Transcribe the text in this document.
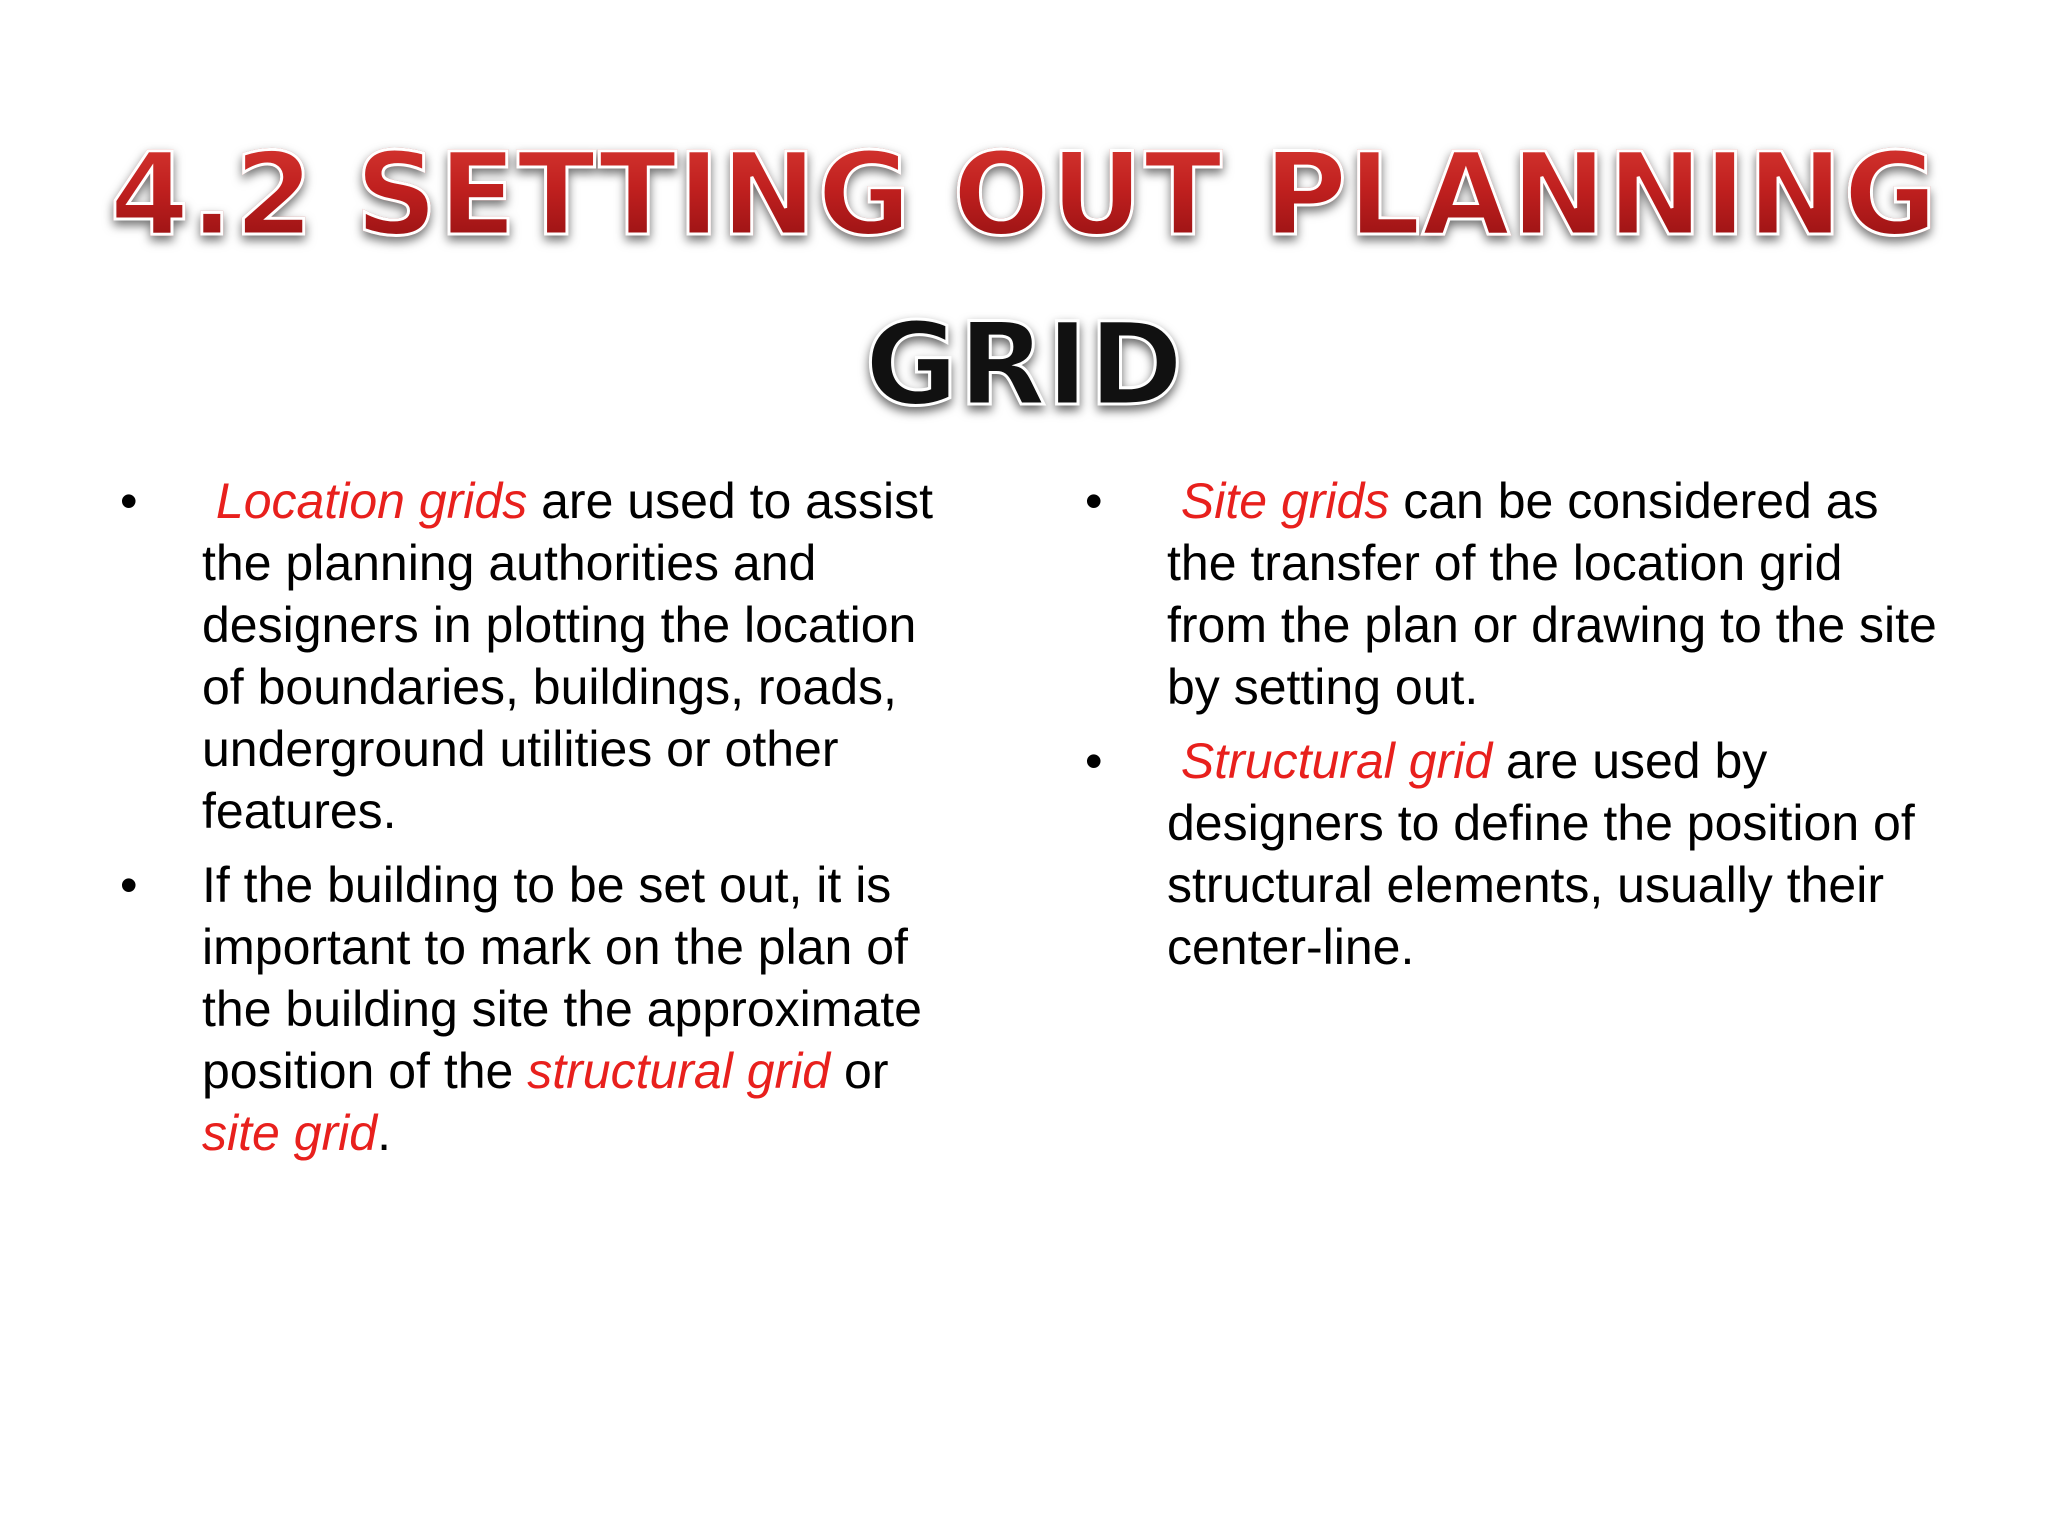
4.2 SETTING OUT PLANNING
GRID
•	Location grids are used to assist the planning authorities and designers in plotting the location of boundaries, buildings, roads, underground utilities or other features.
•	If the building to be set out, it is important to mark on the plan of the building site the approximate position of the structural grid or site grid.
•	Site grids can be considered as the transfer of the location grid from the plan or drawing to the site by setting out.
•	Structural grid are used by designers to define the position of structural elements, usually their center-line.
